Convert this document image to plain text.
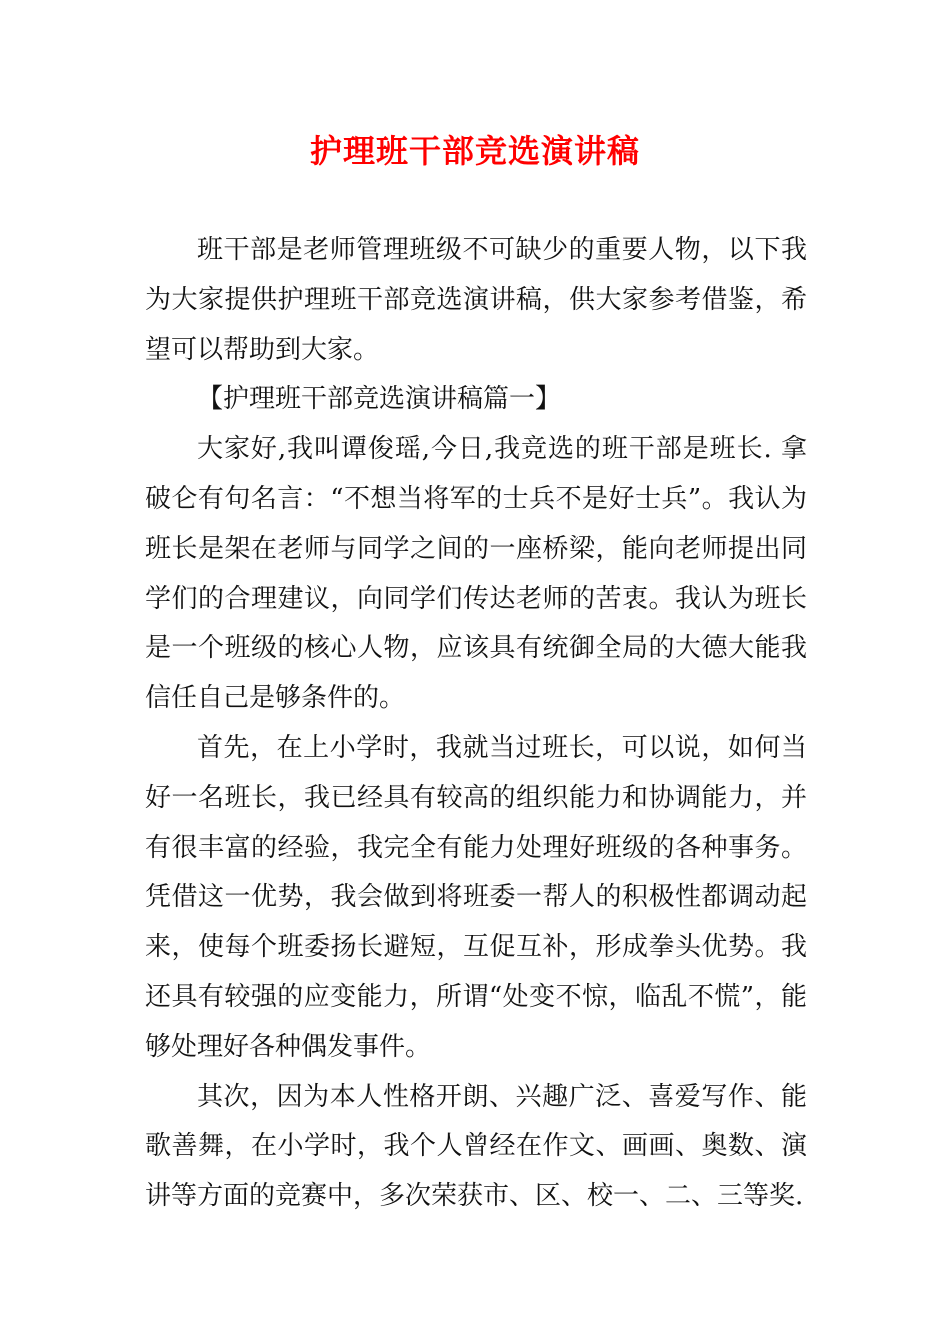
护理班干部竞选演讲稿

班干部是老师管理班级不可缺少的重要人物，以下我为大家提供护理班干部竞选演讲稿，供大家参考借鉴，希望可以帮助到大家。

【护理班干部竞选演讲稿篇一】

大家好,我叫谭俊瑶,今日,我竞选的班干部是班长. 拿破仑有句名言：“不想当将军的士兵不是好士兵”。我认为班长是架在老师与同学之间的一座桥梁，能向老师提出同学们的合理建议，向同学们传达老师的苦衷。我认为班长是一个班级的核心人物，应该具有统御全局的大德大能我信任自己是够条件的。

首先，在上小学时，我就当过班长，可以说，如何当好一名班长，我已经具有较高的组织能力和协调能力，并有很丰富的经验，我完全有能力处理好班级的各种事务。凭借这一优势，我会做到将班委一帮人的积极性都调动起来，使每个班委扬长避短，互促互补，形成拳头优势。我还具有较强的应变能力，所谓“处变不惊，临乱不慌”，能够处理好各种偶发事件。

其次，因为本人性格开朗、兴趣广泛、喜爱写作、能歌善舞，在小学时，我个人曾经在作文、画画、奥数、演讲等方面的竞赛中，多次荣获市、区、校一、二、三等奖.
